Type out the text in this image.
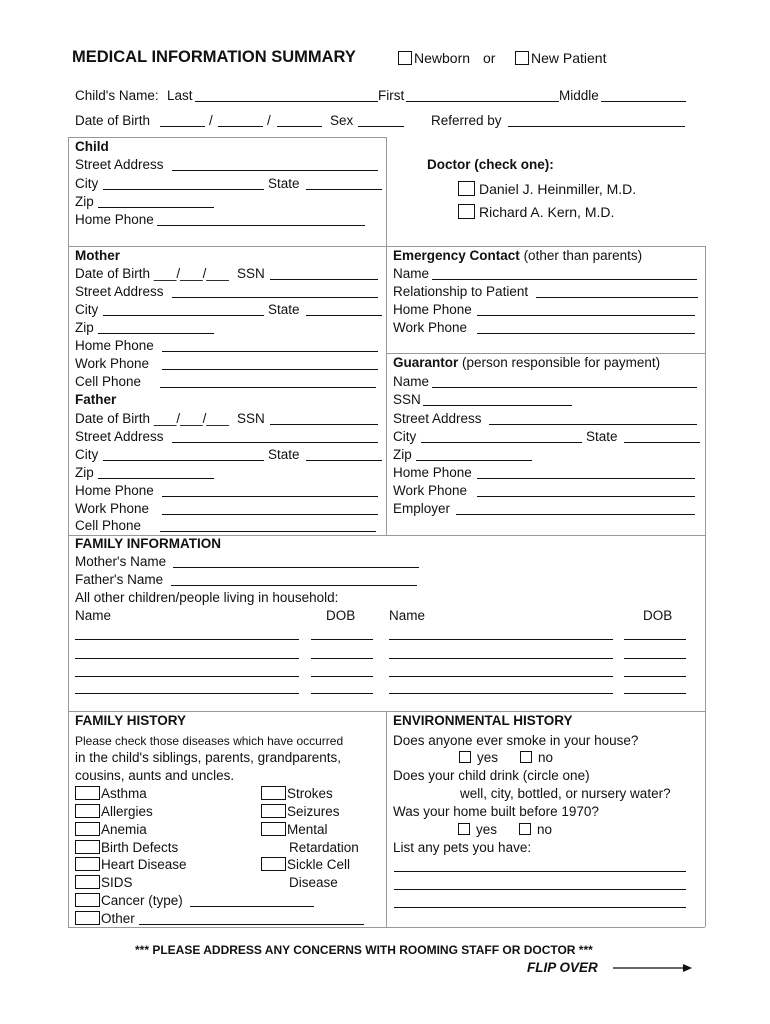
MEDICAL INFORMATION SUMMARY	Newborn or	New Patient
Child's Name: Last	First	Middle
Date of Birth	/	/	Sex	Referred by
Child
Street Address
City	State
Zip
Home Phone
Doctor (check one):
Daniel J. Heinmiller, M.D.
Richard A. Kern, M.D.
Mother
Date of Birth ___/___/___ SSN
Street Address
City	State
Zip
Home Phone
Work Phone
Cell Phone
Father
Date of Birth ___/___/___ SSN
Street Address
City	State
Zip
Home Phone
Work Phone
Cell Phone
Emergency Contact (other than parents)
Name
Relationship to Patient
Home Phone
Work Phone
Guarantor (person responsible for payment)
Name
SSN
Street Address
City	State
Zip
Home Phone
Work Phone
Employer
FAMILY INFORMATION
Mother's Name
Father's Name
All other children/people living in household:
Name	DOB Name	DOB
FAMILY HISTORY
Please check those diseases which have occurred
in the child's siblings, parents, grandparents,
cousins, aunts and uncles.
Asthma
Allergies
Anemia
Birth Defects
Heart Disease
SIDS
Cancer (type)
Other
Strokes
Seizures
Mental
Retardation
Sickle Cell
Disease
ENVIRONMENTAL HISTORY
Does anyone ever smoke in your house?
yes	no
Does your child drink (circle one)
well, city, bottled, or nursery water?
Was your home built before 1970?
yes	no
List any pets you have:
*** PLEASE ADDRESS ANY CONCERNS WITH ROOMING STAFF OR DOCTOR ***
FLIP OVER
